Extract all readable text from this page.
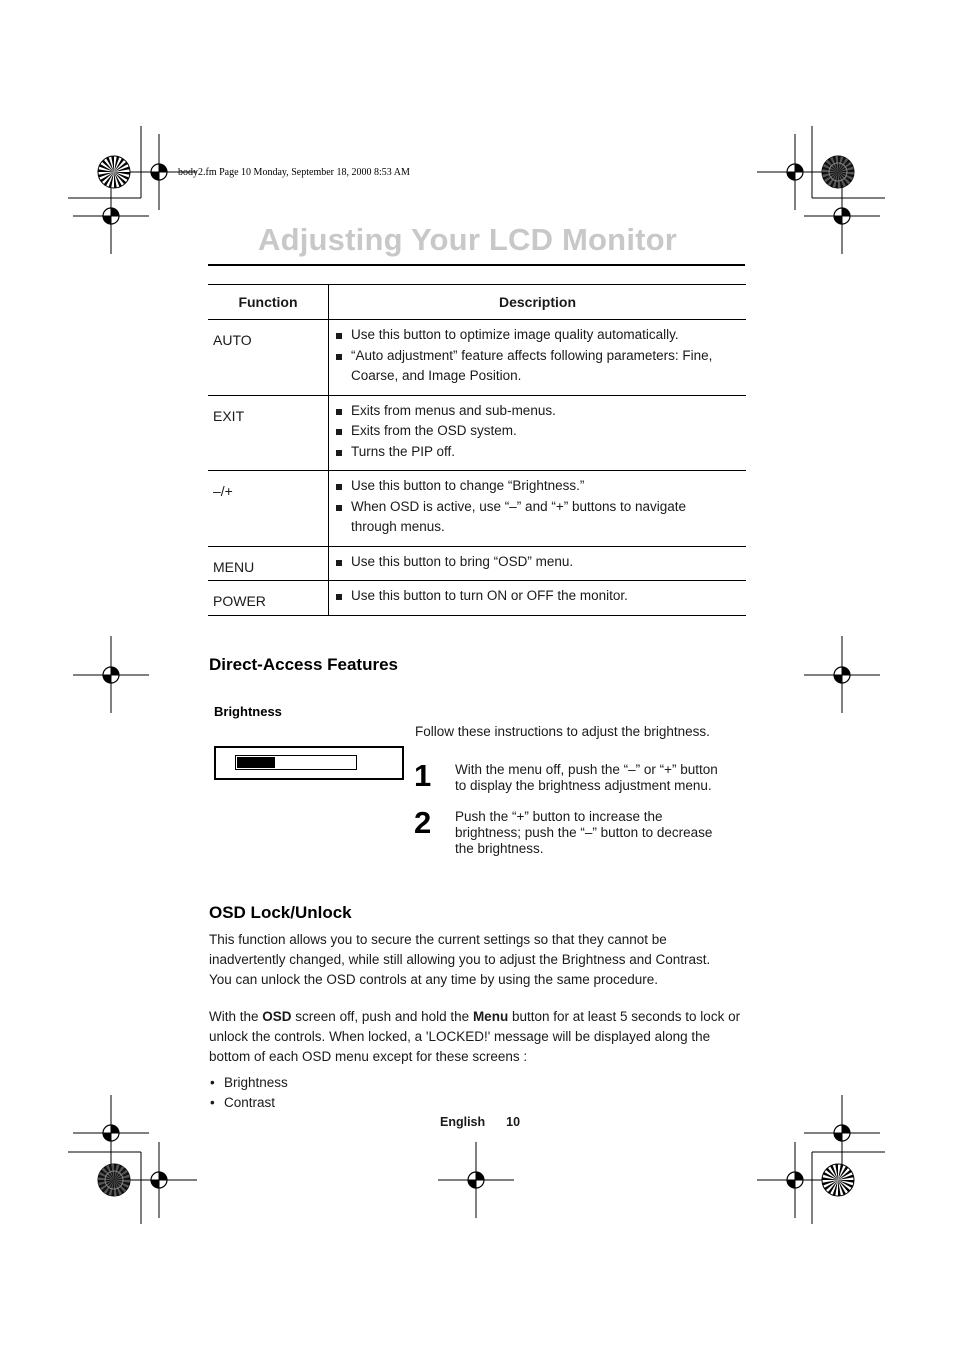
body2.fm Page 10 Monday, September 18, 2000 8:53 AM
Adjusting Your LCD Monitor
Function	Description
AUTO	Use this button to optimize image quality automatically.
“Auto adjustment” feature affects following parameters: Fine, Coarse, and Image Position.

EXIT	Exits from menus and sub-menus.
Exits from the OSD system.
Turns the PIP off.

–/+	Use this button to change “Brightness.”
When OSD is active, use “–” and “+” buttons to navigate through menus.

MENU	Use this button to bring “OSD” menu.

POWER	Use this button to turn ON or OFF the monitor.
Direct-Access Features
Brightness
Follow these instructions to adjust the brightness.
1 With the menu off, push the “–” or “+” button to display the brightness adjustment menu.
2 Push the “+” button to increase the brightness; push the “–” button to decrease the brightness.
OSD Lock/Unlock
This function allows you to secure the current settings so that they cannot be inadvertently changed, while still allowing you to adjust the Brightness and Contrast.
You can unlock the OSD controls at any time by using the same procedure.
With the OSD screen off, push and hold the Menu button for at least 5 seconds to lock or unlock the controls. When locked, a 'LOCKED!' message will be displayed along the bottom of each OSD menu except for these screens :
• Brightness
• Contrast
English 10
